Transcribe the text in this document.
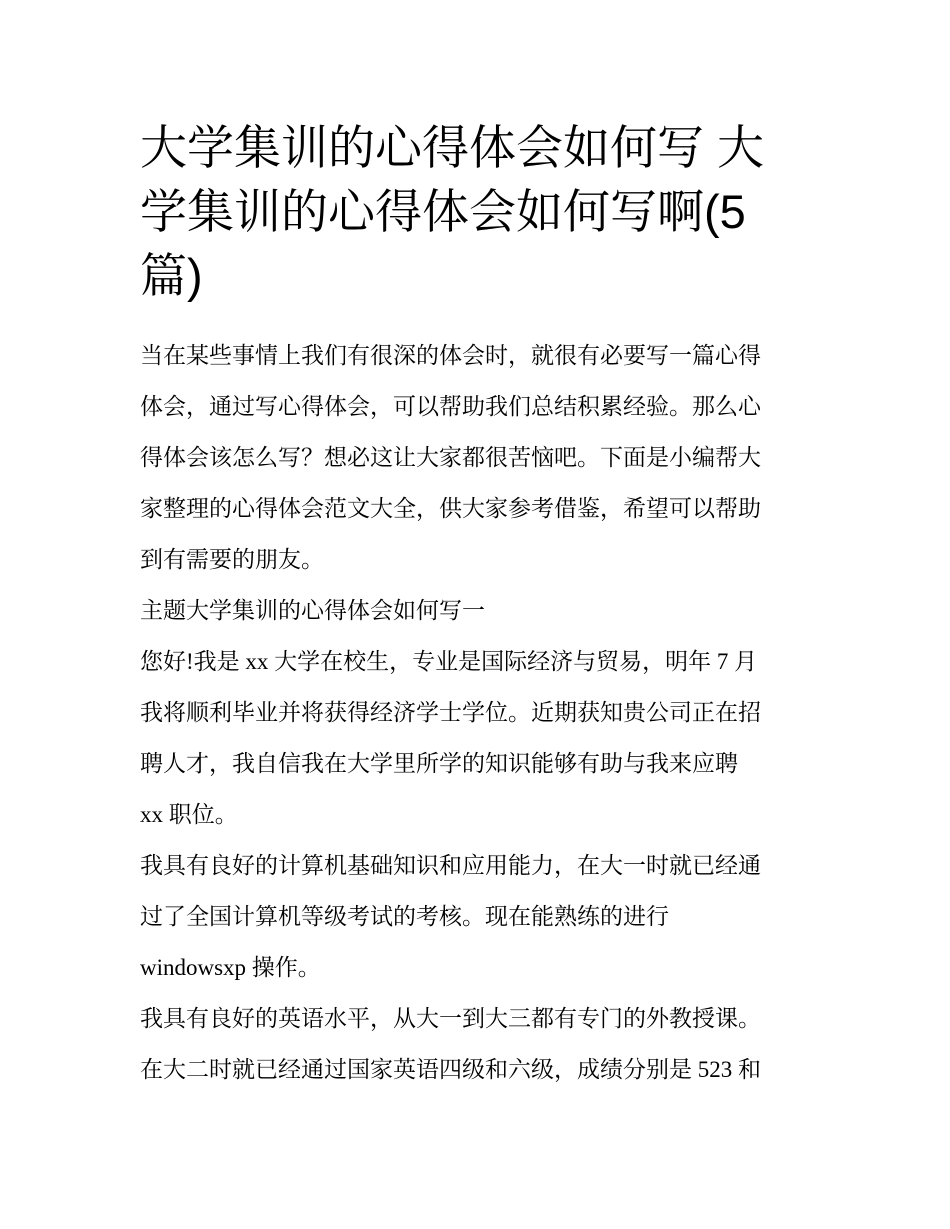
大学集训的心得体会如何写 大
学集训的心得体会如何写啊(5
篇)

当在某些事情上我们有很深的体会时，就很有必要写一篇心得
体会，通过写心得体会，可以帮助我们总结积累经验。那么心
得体会该怎么写？想必这让大家都很苦恼吧。下面是小编帮大
家整理的心得体会范文大全，供大家参考借鉴，希望可以帮助
到有需要的朋友。

主题大学集训的心得体会如何写一

您好!我是 xx 大学在校生，专业是国际经济与贸易，明年 7 月
我将顺利毕业并将获得经济学士学位。近期获知贵公司正在招
聘人才，我自信我在大学里所学的知识能够有助与我来应聘
xx 职位。

我具有良好的计算机基础知识和应用能力，在大一时就已经通
过了全国计算机等级考试的考核。现在能熟练的进行
windowsxp 操作。

我具有良好的英语水平，从大一到大三都有专门的外教授课。
在大二时就已经通过国家英语四级和六级，成绩分别是 523 和
